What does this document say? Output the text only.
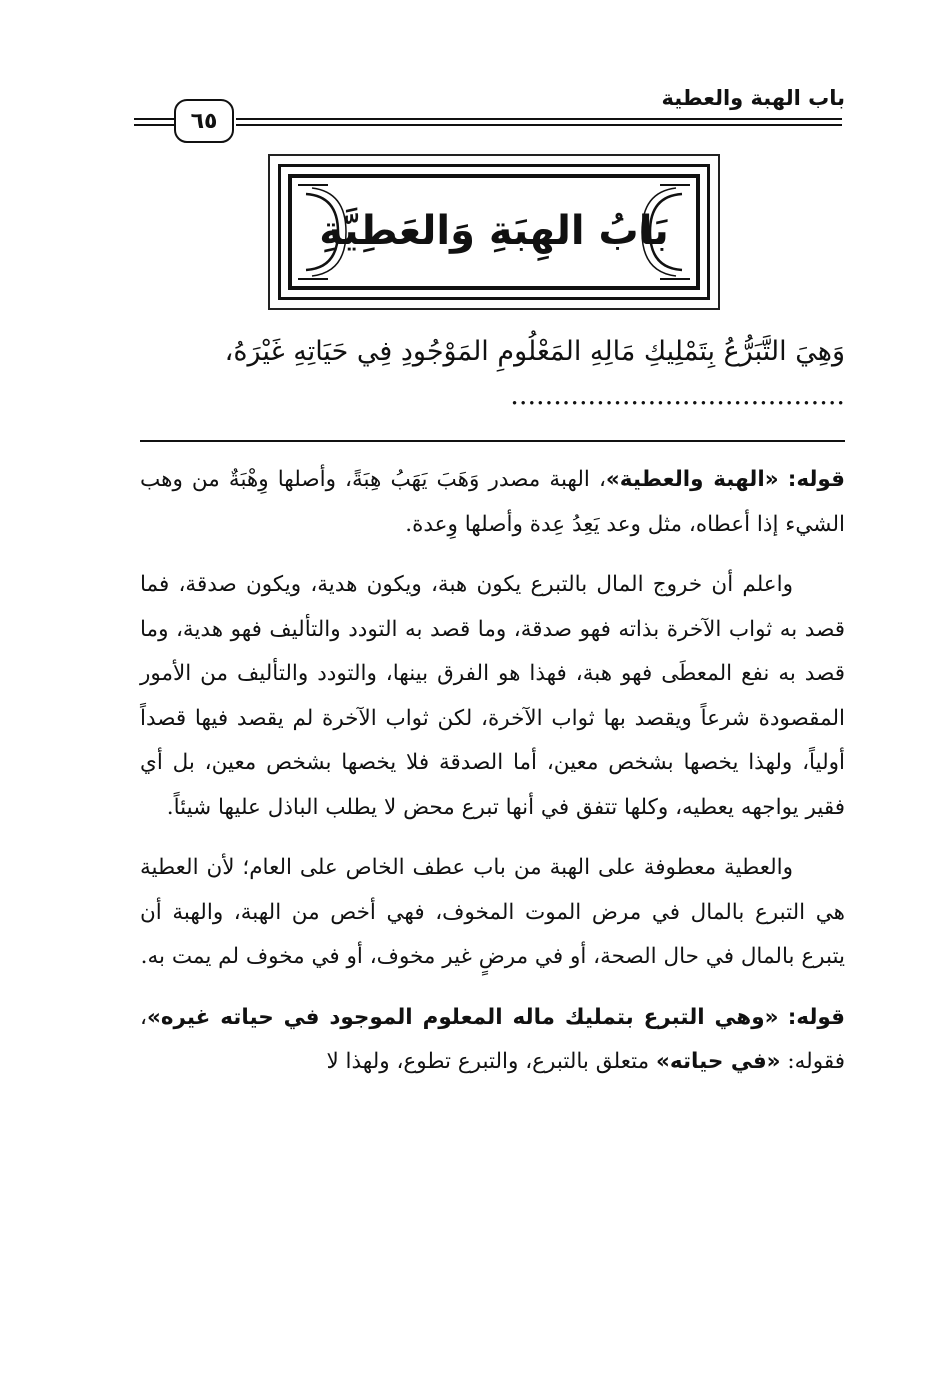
باب الهبة والعطية
٦٥
بَابُ الهِبَةِ وَالعَطِيَّةِ
وَهِيَ التَّبَرُّعُ بِتَمْلِيكِ مَالِهِ المَعْلُومِ المَوْجُودِ فِي حَيَاتِهِ غَيْرَهُ، .......................................

قوله: «الهبة والعطية»، الهبة مصدر وَهَبَ يَهَبُ هِبَةً، وأصلها وِهْبَةٌ من وهب الشيء إذا أعطاه، مثل وعد يَعِدُ عِدة وأصلها وِعدة.

واعلم أن خروج المال بالتبرع يكون هبة، ويكون هدية، ويكون صدقة، فما قصد به ثواب الآخرة بذاته فهو صدقة، وما قصد به التودد والتأليف فهو هدية، وما قصد به نفع المعطَى فهو هبة، فهذا هو الفرق بينها، والتودد والتأليف من الأمور المقصودة شرعاً ويقصد بها ثواب الآخرة، لكن ثواب الآخرة لم يقصد فيها قصداً أولياً، ولهذا يخصها بشخص معين، أما الصدقة فلا يخصها بشخص معين، بل أي فقير يواجهه يعطيه، وكلها تتفق في أنها تبرع محض لا يطلب الباذل عليها شيئاً.

والعطية معطوفة على الهبة من باب عطف الخاص على العام؛ لأن العطية هي التبرع بالمال في مرض الموت المخوف، فهي أخص من الهبة، والهبة أن يتبرع بالمال في حال الصحة، أو في مرضٍ غير مخوف، أو في مخوف لم يمت به.

قوله: «وهي التبرع بتمليك ماله المعلوم الموجود في حياته غيره»، فقوله: «في حياته» متعلق بالتبرع، والتبرع تطوع، ولهذا لا
